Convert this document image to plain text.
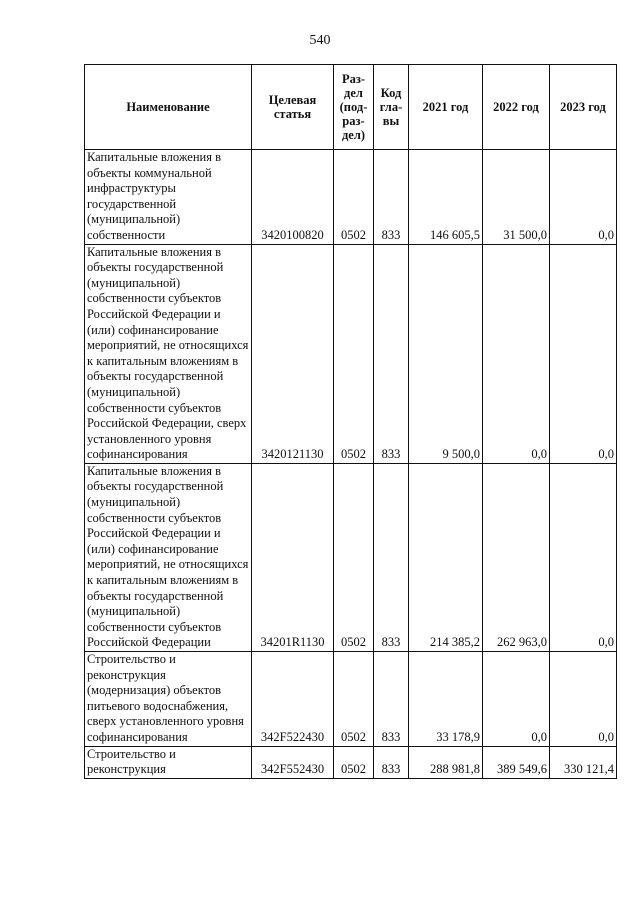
540
Наименование	Целевая статья	Раз- дел (под- раз- дел)	Код гла- вы	2021 год	2022 год	2023 год
Капитальные вложения в объекты коммунальной инфраструктуры государственной (муниципальной) собственности	3420100820	0502	833	146 605,5	31 500,0	0,0
Капитальные вложения в объекты государственной (муниципальной) собственности субъектов Российской Федерации и (или) софинансирование мероприятий, не относящихся к капитальным вложениям в объекты государственной (муниципальной) собственности субъектов Российской Федерации, сверх установленного уровня софинансирования	3420121130	0502	833	9 500,0	0,0	0,0
Капитальные вложения в объекты государственной (муниципальной) собственности субъектов Российской Федерации и (или) софинансирование мероприятий, не относящихся к капитальным вложениям в объекты государственной (муниципальной) собственности субъектов Российской Федерации	34201R1130	0502	833	214 385,2	262 963,0	0,0
Строительство и реконструкция (модернизация) объектов питьевого водоснабжения, сверх установленного уровня софинансирования	342F522430	0502	833	33 178,9	0,0	0,0
Строительство и реконструкция	342F552430	0502	833	288 981,8	389 549,6	330 121,4
